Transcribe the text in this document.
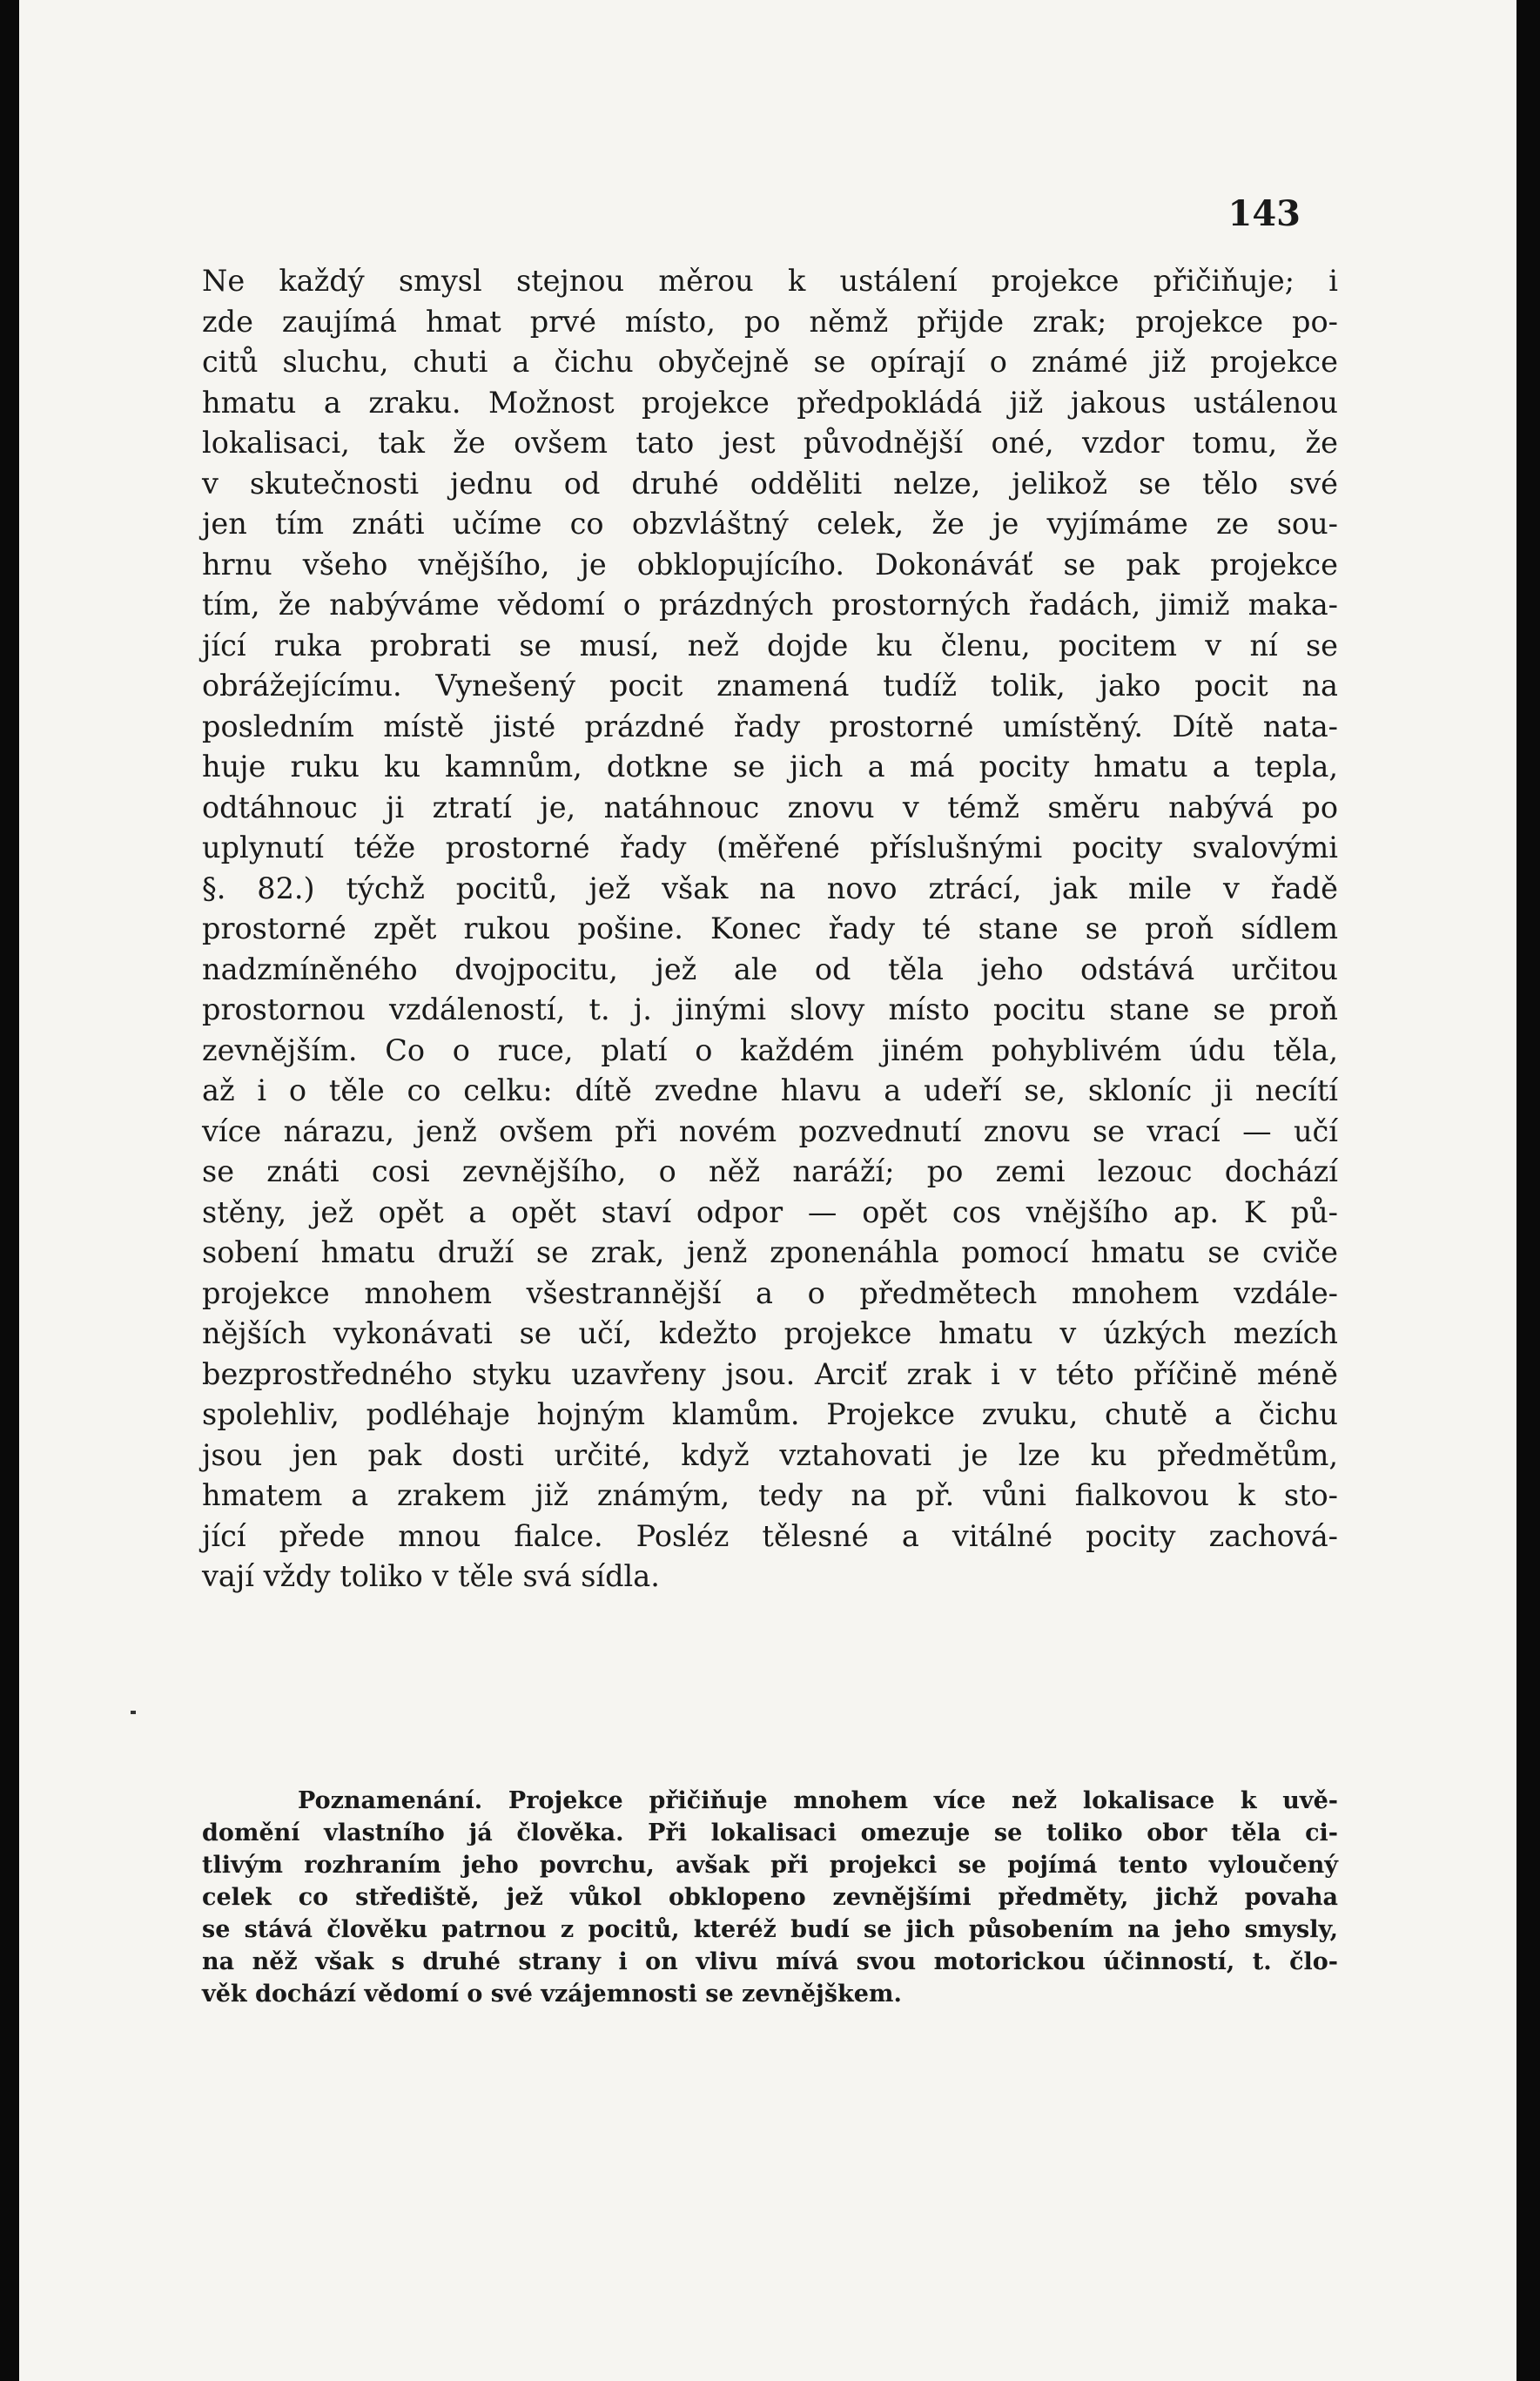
143
Ne každý smysl stejnou měrou k ustálení projekce přičiňuje; i
zde zaujímá hmat prvé místo, po němž přijde zrak; projekce po-
citů sluchu, chuti a čichu obyčejně se opírají o známé již projekce
hmatu a zraku. Možnost projekce předpokládá již jakous ustálenou
lokalisaci, tak že ovšem tato jest původnější oné, vzdor tomu, že
v skutečnosti jednu od druhé odděliti nelze, jelikož se tělo své
jen tím znáti učíme co obzvláštný celek, že je vyjímáme ze sou-
hrnu všeho vnějšího, je obklopujícího. Dokonáváť se pak projekce
tím, že nabýváme vědomí o prázdných prostorných řadách, jimiž maka-
jící ruka probrati se musí, než dojde ku členu, pocitem v ní se
obrážejícímu. Vynešený pocit znamená tudíž tolik, jako pocit na
posledním místě jisté prázdné řady prostorné umístěný. Dítě nata-
huje ruku ku kamnům, dotkne se jich a má pocity hmatu a tepla,
odtáhnouc ji ztratí je, natáhnouc znovu v témž směru nabývá po
uplynutí téže prostorné řady (měřené příslušnými pocity svalovými
§. 82.) týchž pocitů, jež však na novo ztrácí, jak mile v řadě
prostorné zpět rukou pošine. Konec řady té stane se proň sídlem
nadzmíněného dvojpocitu, jež ale od těla jeho odstává určitou
prostornou vzdáleností, t. j. jinými slovy místo pocitu stane se proň
zevnějším. Co o ruce, platí o každém jiném pohyblivém údu těla,
až i o těle co celku: dítě zvedne hlavu a udeří se, skloníc ji necítí
více nárazu, jenž ovšem při novém pozvednutí znovu se vrací — učí
se znáti cosi zevnějšího, o něž naráží; po zemi lezouc dochází
stěny, jež opět a opět staví odpor — opět cos vnějšího ap. K pů-
sobení hmatu druží se zrak, jenž zponenáhla pomocí hmatu se cviče
projekce mnohem všestrannější a o předmětech mnohem vzdále-
nějších vykonávati se učí, kdežto projekce hmatu v úzkých mezích
bezprostředného styku uzavřeny jsou. Arciť zrak i v této příčině méně
spolehliv, podléhaje hojným klamům. Projekce zvuku, chutě a čichu
jsou jen pak dosti určité, když vztahovati je lze ku předmětům,
hmatem a zrakem již známým, tedy na př. vůni fialkovou k sto-
jící přede mnou fialce. Posléz tělesné a vitálné pocity zachová-
vají vždy toliko v těle svá sídla.
Poznamenání. Projekce přičiňuje mnohem více než lokalisace k uvě-
domění vlastního já člověka. Při lokalisaci omezuje se toliko obor těla ci-
tlivým rozhraním jeho povrchu, avšak při projekci se pojímá tento vyloučený
celek co střediště, jež vůkol obklopeno zevnějšími předměty, jichž povaha
se stává člověku patrnou z pocitů, kteréž budí se jich působením na jeho smysly,
na něž však s druhé strany i on vlivu mívá svou motorickou účinností, t. člo-
věk dochází vědomí o své vzájemnosti se zevnějškem.
